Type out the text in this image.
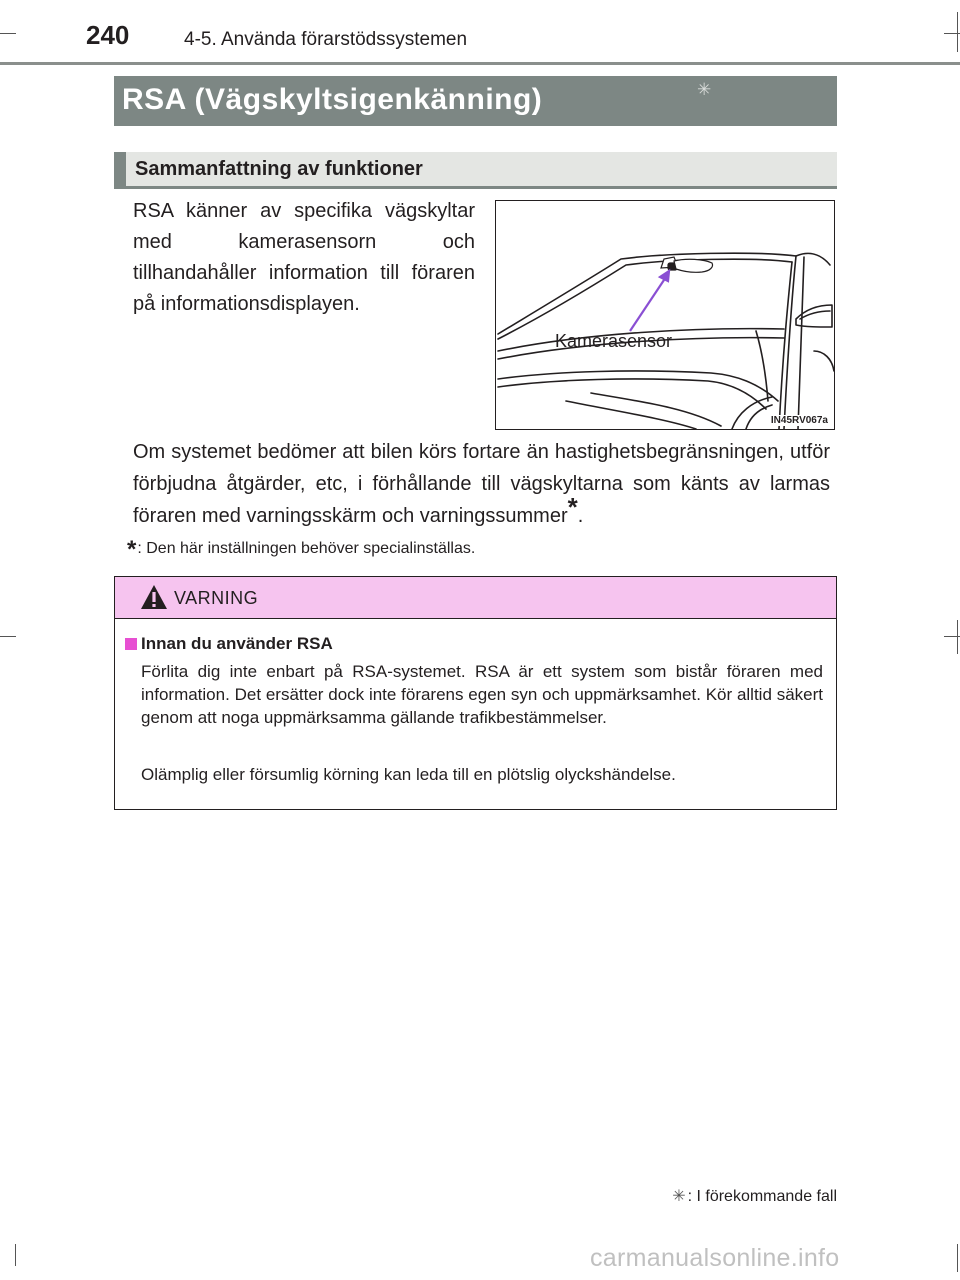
240	4-5. Använda förarstödssystemen
RSA (Vägskyltsigenkänning)	✳
Sammanfattning av funktioner
RSA känner av specifika vägskyltar med kamerasensorn och tillhandahåller information till föraren på informationsdisplayen.
Kamerasensor
IN45RV067a
Om systemet bedömer att bilen körs fortare än hastighetsbegränsningen, utför förbjudna åtgärder, etc, i förhållande till vägskyltarna som känts av larmas föraren med varningsskärm och varningssummer*.
*: Den här inställningen behöver specialinställas.
VARNING
Innan du använder RSA
Förlita dig inte enbart på RSA-systemet. RSA är ett system som bistår föraren med information. Det ersätter dock inte förarens egen syn och uppmärksamhet. Kör alltid säkert genom att noga uppmärksamma gällande trafikbestämmelser.
Olämplig eller försumlig körning kan leda till en plötslig olyckshändelse.
✳ : I förekommande fall
carmanualsonline.info
